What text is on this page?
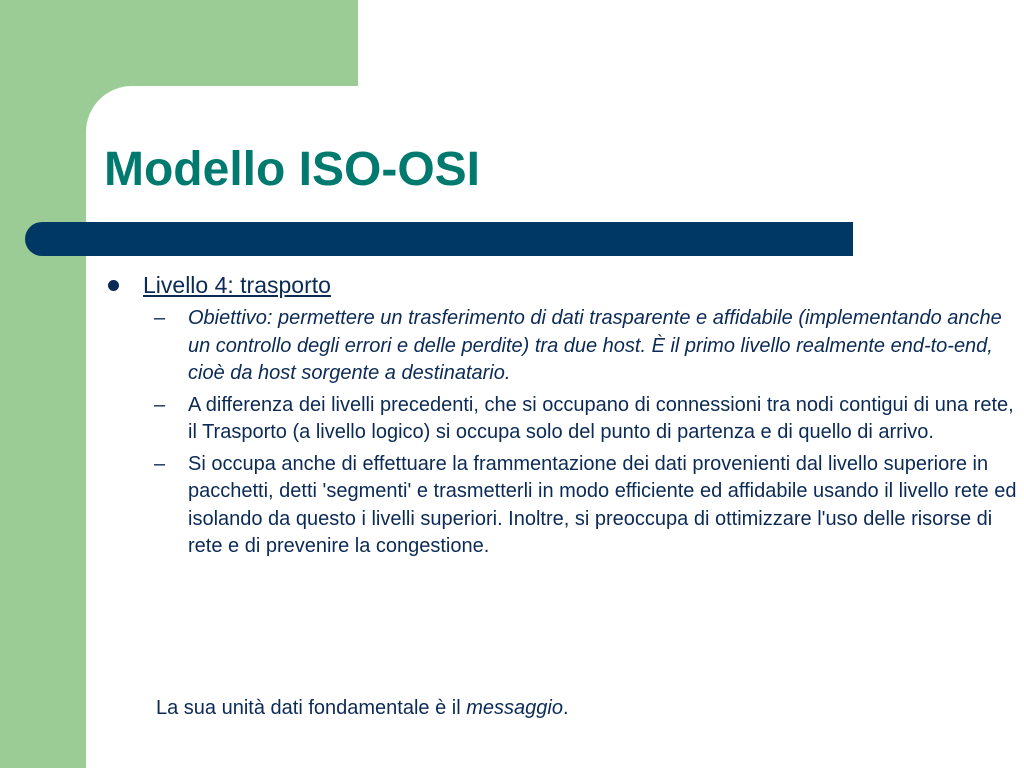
Modello ISO-OSI
Livello 4: trasporto
– Obiettivo: permettere un trasferimento di dati trasparente e affidabile (implementando anche un controllo degli errori e delle perdite) tra due host. È il primo livello realmente end-to-end, cioè da host sorgente a destinatario.
– A differenza dei livelli precedenti, che si occupano di connessioni tra nodi contigui di una rete, il Trasporto (a livello logico) si occupa solo del punto di partenza e di quello di arrivo.
– Si occupa anche di effettuare la frammentazione dei dati provenienti dal livello superiore in pacchetti, detti 'segmenti' e trasmetterli in modo efficiente ed affidabile usando il livello rete ed isolando da questo i livelli superiori. Inoltre, si preoccupa di ottimizzare l'uso delle risorse di rete e di prevenire la congestione.

La sua unità dati fondamentale è il messaggio.
